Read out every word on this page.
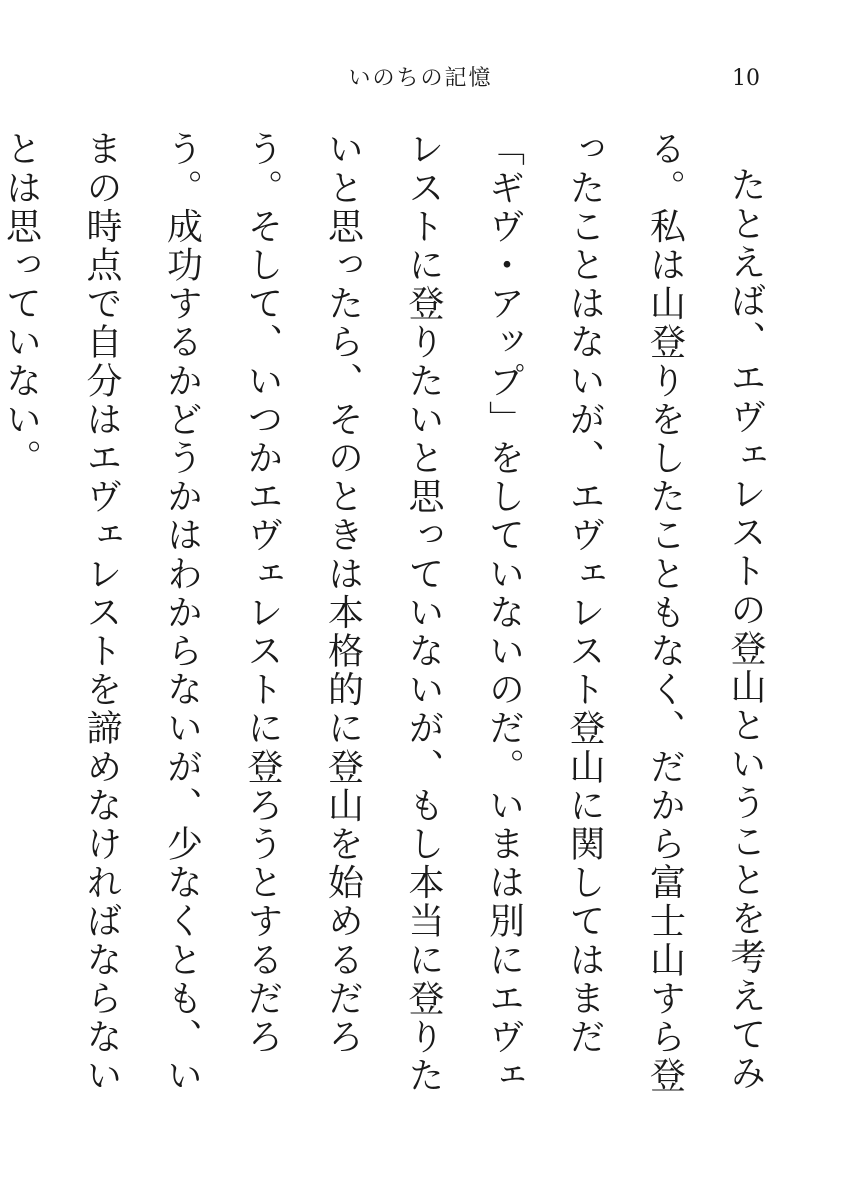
いのちの記憶	10

たとえば、エヴェレストの登山ということを考えてみる。私は山登りをしたこともなく、だから富士山すら登ったことはないが、エヴェレスト登山に関してはまだ「ギヴ・アップ」をしていないのだ。いまは別にエヴェレストに登りたいと思っていないが、もし本当に登りたいと思ったら、そのときは本格的に登山を始めるだろう。そして、いつかエヴェレストに登ろうとするだろう。成功するかどうかはわからないが、少なくとも、いまの時点で自分はエヴェレストを諦めなければならないとは思っていない。
